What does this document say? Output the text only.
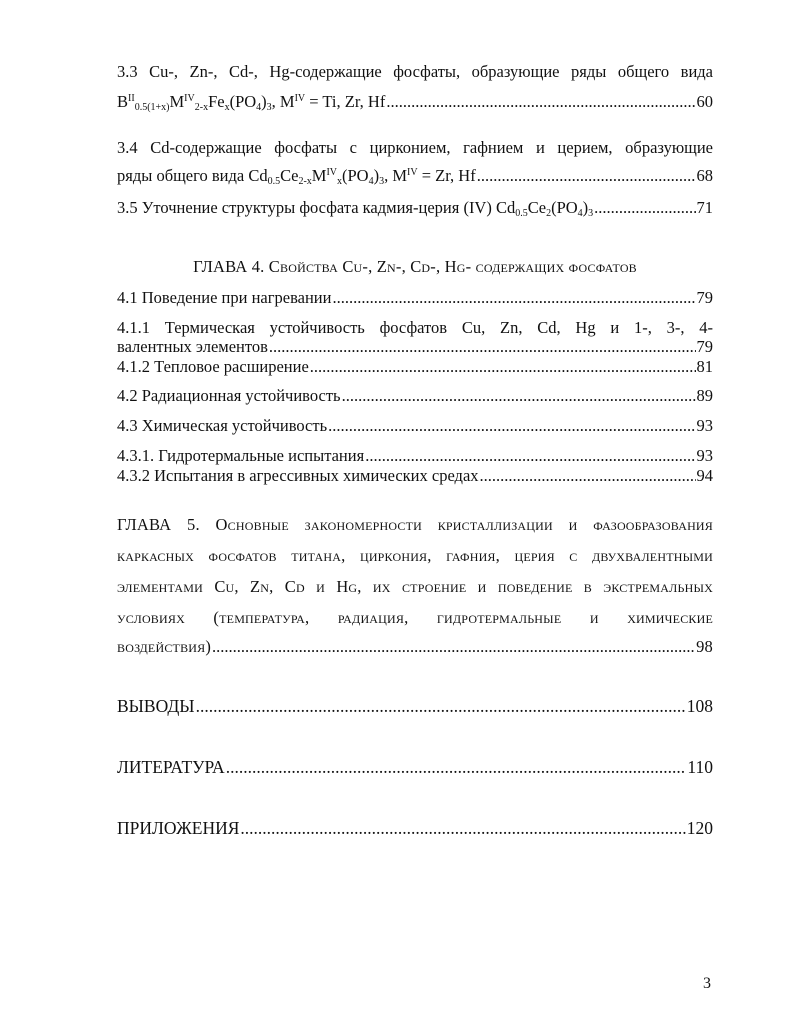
3.3 Cu-, Zn-, Cd-, Hg-содержащие фосфаты, образующие ряды общего вида
$B^{II}_{0.5(1+x)}M^{IV}_{2-x}Fe_x(PO_4)_3$, $M^{IV} = Ti$, Zr, Hf .....	60
3.4 Cd-содержащие фосфаты с цирконием, гафнием и церием, образующие
ряды общего вида
$Cd_{0.5}Ce_{2-x}M^{IV}_x(PO_4)_3$, $M^{IV} = Zr$, Hf .....	68
3.5 Уточнение структуры фосфата кадмия-церия (IV)
$Cd_{0.5}Ce_2(PO_4)_3$ .....	71
ГЛАВА 4. Свойства Cu-, Zn-, Cd-, Hg- содержащих фосфатов
4.1 Поведение при нагревании .....	79
4.1.1 Термическая устойчивость фосфатов Cu, Zn, Cd, Hg и 1-, 3-, 4-
валентных элементов .....	79
4.1.2 Тепловое расширение .....	81
4.2 Радиационная устойчивость .....	89
4.3 Химическая устойчивость .....	93
4.3.1. Гидротермальные испытания .....	93
4.3.2 Испытания в агрессивных химических средах .....	94
ГЛАВА 5. Основные закономерности кристаллизации и фазообразования
каркасных фосфатов титана, циркония, гафния, церия с двухвалентными
элементами Cu, Zn, Cd и Hg, их строение и поведение в экстремальных
условиях (температура, радиация, гидротермальные и химические
воздействия) .....	98
ВЫВОДЫ .....	108
ЛИТЕРАТУРА .....	110
ПРИЛОЖЕНИЯ .....	120
3
